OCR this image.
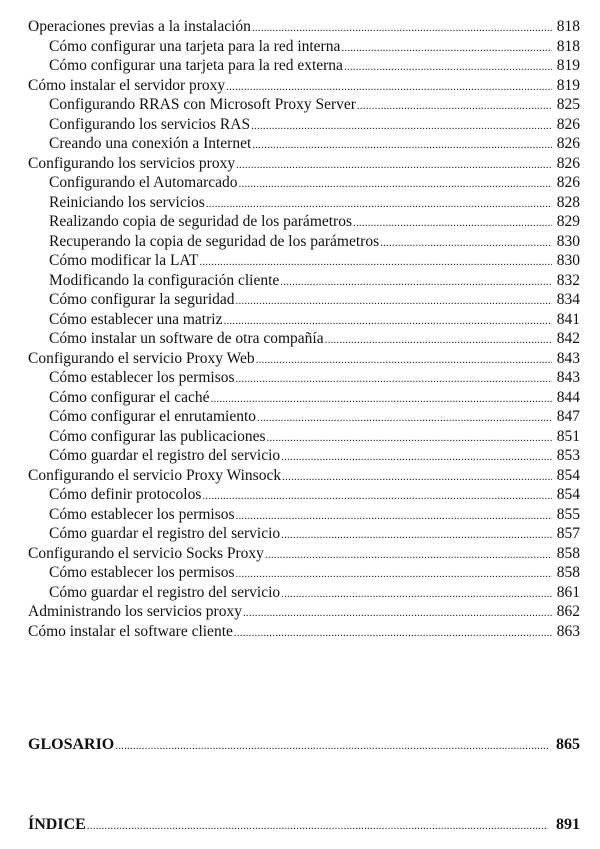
Operaciones previas a la instalación .....	818
Cómo configurar una tarjeta para la red interna .....	818
Cómo configurar una tarjeta para la red externa .....	819
Cómo instalar el servidor proxy .....	819
Configurando RRAS con Microsoft Proxy Server .....	825
Configurando los servicios RAS .....	826
Creando una conexión a Internet .....	826
Configurando los servicios proxy .....	826
Configurando el Automarcado .....	826
Reiniciando los servicios .....	828
Realizando copia de seguridad de los parámetros .....	829
Recuperando la copia de seguridad de los parámetros .....	830
Cómo modificar la LAT .....	830
Modificando la configuración cliente .....	832
Cómo configurar la seguridad .....	834
Cómo establecer una matriz .....	841
Cómo instalar un software de otra compañía .....	842
Configurando el servicio Proxy Web .....	843
Cómo establecer los permisos .....	843
Cómo configurar el caché .....	844
Cómo configurar el enrutamiento .....	847
Cómo configurar las publicaciones .....	851
Cómo guardar el registro del servicio .....	853
Configurando el servicio Proxy Winsock .....	854
Cómo definir protocolos .....	854
Cómo establecer los permisos .....	855
Cómo guardar el registro del servicio .....	857
Configurando el servicio Socks Proxy .....	858
Cómo establecer los permisos .....	858
Cómo guardar el registro del servicio .....	861
Administrando los servicios proxy .....	862
Cómo instalar el software cliente .....	863
GLOSARIO .....	865
ÍNDICE .....	891
